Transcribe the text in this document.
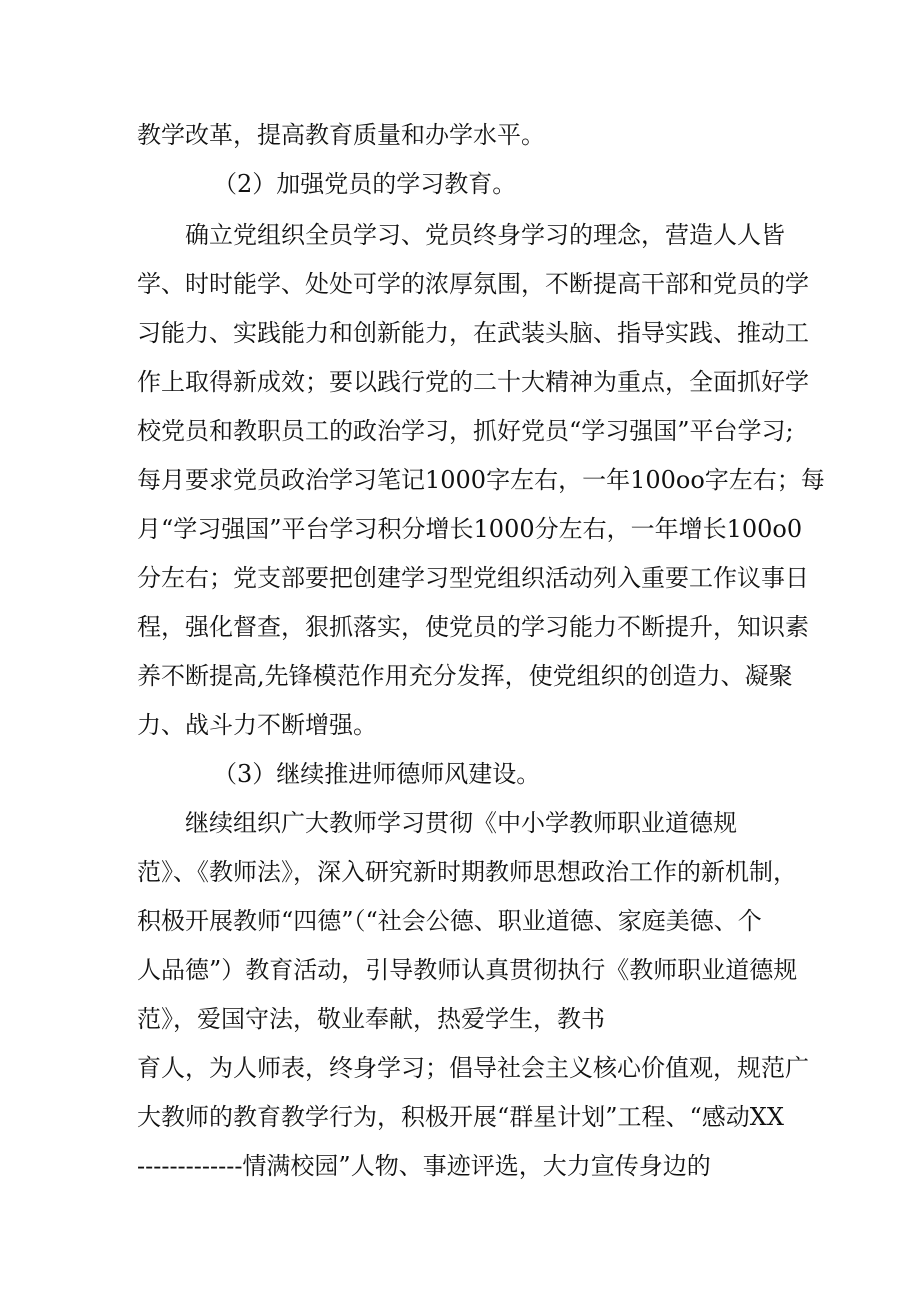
教学改革，提高教育质量和办学水平。

（2）加强党员的学习教育。

确立党组织全员学习、党员终身学习的理念，营造人人皆

学、时时能学、处处可学的浓厚氛围，不断提高干部和党员的学

习能力、实践能力和创新能力，在武装头脑、指导实践、推动工

作上取得新成效；要以践行党的二十大精神为重点，全面抓好学

校党员和教职员工的政治学习，抓好党员“学习强国”平台学习;

每月要求党员政治学习笔记1000字左右，一年100oo字左右；每

月“学习强国”平台学习积分增长1000分左右，一年增长100o0

分左右；党支部要把创建学习型党组织活动列入重要工作议事日

程，强化督查，狠抓落实，使党员的学习能力不断提升，知识素

养不断提高,先锋模范作用充分发挥，使党组织的创造力、凝聚

力、战斗力不断增强。

（3）继续推进师德师风建设。

继续组织广大教师学习贯彻《中小学教师职业道德规

范》、《教师法》，深入研究新时期教师思想政治工作的新机制，

积极开展教师“四德”（“社会公德、职业道德、家庭美德、个

人品德”）教育活动，引导教师认真贯彻执行《教师职业道德规

范》，爱国守法，敬业奉献，热爱学生，教书

育人，为人师表，终身学习；倡导社会主义核心价值观，规范广

大教师的教育教学行为，积极开展“群星计划”工程、“感动XX

-------------情满校园”人物、事迹评选，大力宣传身边的
